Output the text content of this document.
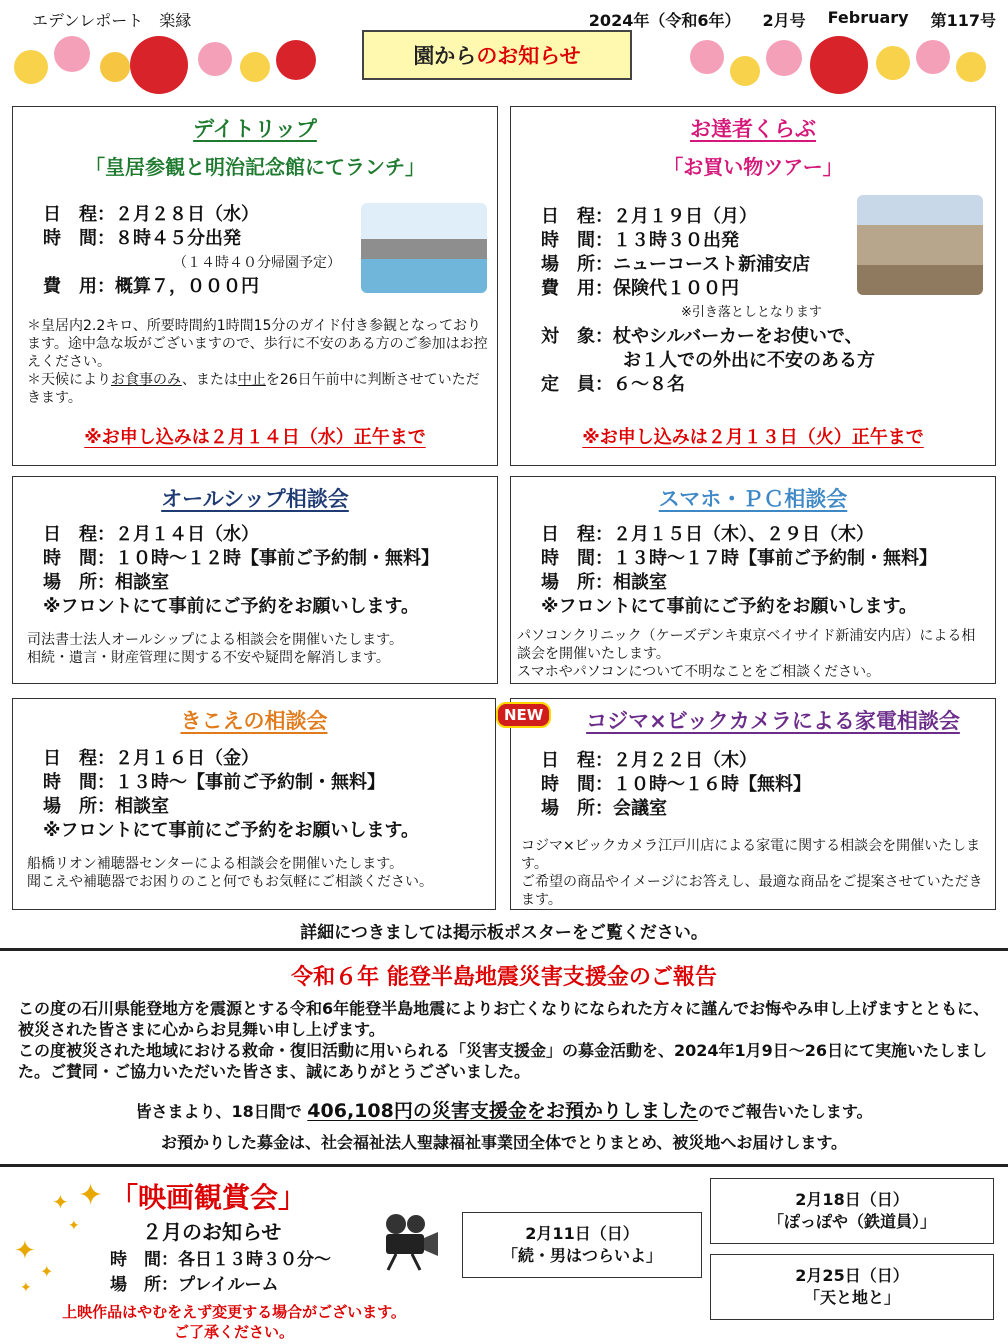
エデンレポート　楽縁	2024年（令和6年） 2月号 February 第117号
園から のお知らせ
デイトリップ
「皇居参観と明治記念館にてランチ」
日　程：２月２８日（水）
時　間：８時４５分出発
（１４時４０分帰園予定）
費　用：概算７，０００円
＊皇居内2.2キロ、所要時間約1時間15分のガイド付き参観となっております。途中急な坂がございますので、歩行に不安のある方のご参加はお控えください。
＊天候によりお食事のみ、または中止を26日午前中に判断させていただきます。
※お申し込みは２月１４日（水）正午まで
お達者くらぶ
「お買い物ツアー」
日　程：２月１９日（月）
時　間：１３時３０出発
場　所：ニューコースト新浦安店
費　用：保険代１００円
※引き落としとなります
対　象：杖やシルバーカーをお使いで、
お１人での外出に不安のある方
定　員：６～８名
※お申し込みは２月１３日（火）正午まで
オールシップ相談会
日　程：２月１４日（水）
時　間：１０時～１２時【事前ご予約制・無料】
場　所：相談室
※フロントにて事前にご予約をお願いします。
司法書士法人オールシップによる相談会を開催いたします。
相続・遺言・財産管理に関する不安や疑問を解消します。
スマホ・ＰＣ相談会
日　程：２月１５日（木）、２９日（木）
時　間：１３時～１７時【事前ご予約制・無料】
場　所：相談室
※フロントにて事前にご予約をお願いします。
パソコンクリニック（ケーズデンキ東京ベイサイド新浦安内店）による相談会を開催いたします。
スマホやパソコンについて不明なことをご相談ください。
きこえの相談会
日　程：２月１６日（金）
時　間：１３時～【事前ご予約制・無料】
場　所：相談室
※フロントにて事前にご予約をお願いします。
船橋リオン補聴器センターによる相談会を開催いたします。
聞こえや補聴器でお困りのこと何でもお気軽にご相談ください。
コジマ×ビックカメラによる家電相談会
日　程：２月２２日（木）
時　間：１０時～１６時【無料】
場　所：会議室
コジマ×ビックカメラ江戸川店による家電に関する相談会を開催いたします。
ご希望の商品やイメージにお答えし、最適な商品をご提案させていただきます。
NEW
詳細につきましては掲示板ポスターをご覧ください。
令和６年 能登半島地震災害支援金のご報告
この度の石川県能登地方を震源とする令和6年能登半島地震によりお亡くなりになられた方々に謹んでお悔やみ申し上げますとともに、被災された皆さまに心からお見舞い申し上げます。
この度被災された地域における救命・復旧活動に用いられる「災害支援金」の募金活動を、2024年1月9日～26日にて実施いたしました。ご賛同・ご協力いただいた皆さま、誠にありがとうございました。
皆さまより、18日間で 406,108円の災害支援金をお預かりしましたのでご報告いたします。
お預かりした募金は、社会福祉法人聖隷福祉事業団全体でとりまとめ、被災地へお届けします。
✦ ✦
✦
✦
✦
✦
「映画観賞会」
２月のお知らせ
時　間：各日１３時３０分～
場　所：プレイルーム
上映作品はやむをえず変更する場合がございます。
ご了承ください。
2月11日（日）
「続・男はつらいよ」
2月18日（日）
「ぽっぽや（鉄道員）」
2月25日（日）
「天と地と」
